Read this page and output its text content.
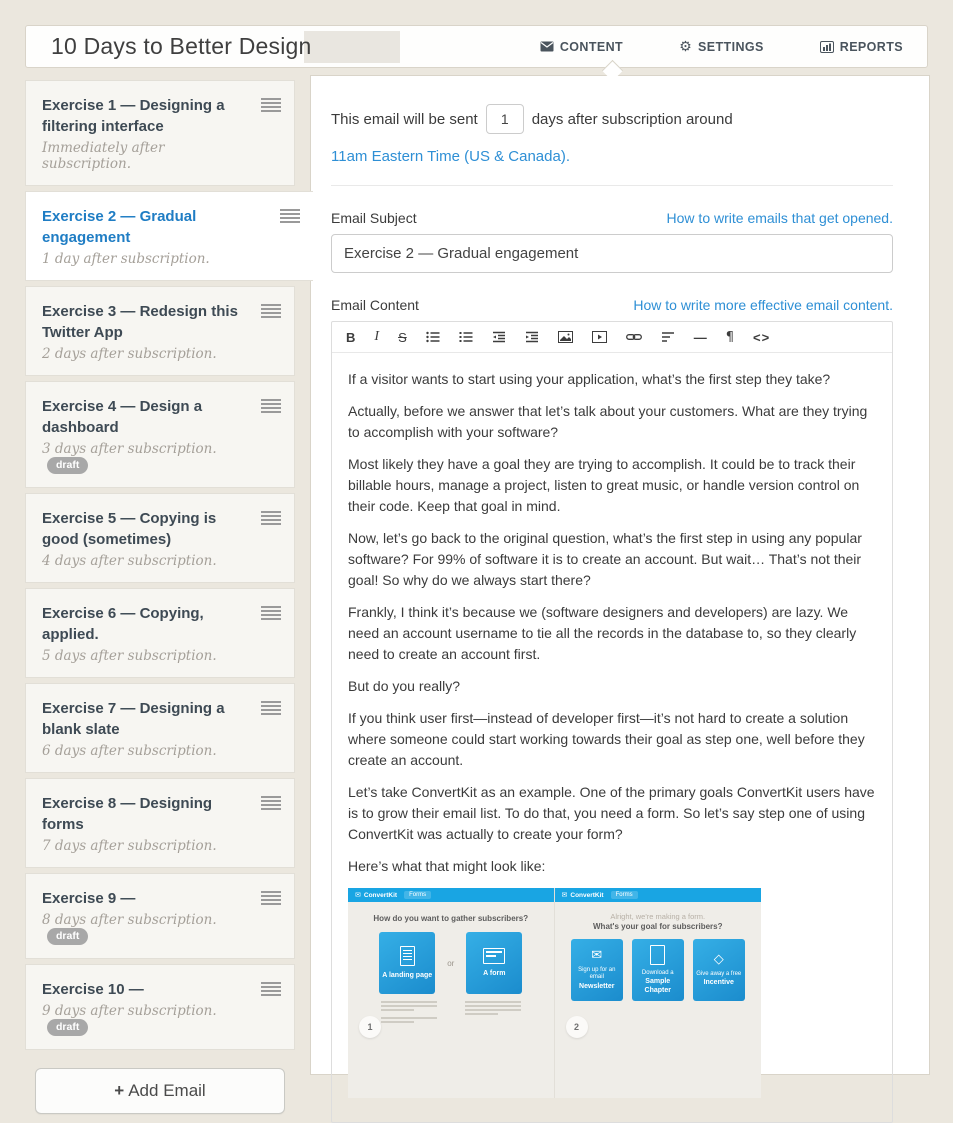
10 Days to Better Design	CONTENT	⚙ SETTINGS	REPORTS
Exercise 1 — Designing a filtering interface
Immediately after subscription.
Exercise 2 — Gradual engagement
1 day after subscription.
Exercise 3 — Redesign this Twitter App
2 days after subscription.
Exercise 4 — Design a dashboard
3 days after subscription.draft
Exercise 5 — Copying is good (sometimes)
4 days after subscription.
Exercise 6 — Copying, applied.
5 days after subscription.
Exercise 7 — Designing a blank slate
6 days after subscription.
Exercise 8 — Designing forms
7 days after subscription.
Exercise 9 —
8 days after subscription.draft
Exercise 10 —
9 days after subscription.draft
+ Add Email
This email will be sent
1	days after subscription around
11am Eastern Time (US & Canada).
Email Subject	How to write emails that get opened.
Exercise 2 — Gradual engagement
Email Content	How to write more effective email content.
B I S	— ¶ <>

If a visitor wants to start using your application, what’s the first step they take?

Actually, before we answer that let’s talk about your customers. What are they trying to accomplish with your software?

Most likely they have a goal they are trying to accomplish. It could be to track their billable hours, manage a project, listen to great music, or handle version control on their code. Keep that goal in mind.

Now, let’s go back to the original question, what’s the first step in using any popular software? For 99% of software it is to create an account. But wait… That’s not their goal! So why do we always start there?

Frankly, I think it’s because we (software designers and developers) are lazy. We need an account username to tie all the records in the database to, so they clearly need to create an account first.

But do you really?

If you think user first—instead of developer first—it’s not hard to create a solution where someone could start working towards their goal as step one, well before they create an account.

Let’s take ConvertKit as an example. One of the primary goals ConvertKit users have is to grow their email list. To do that, you need a form. So let’s say step one of using ConvertKit was actually to create your form?

Here’s what that might look like:

✉ ConvertKit	Forms
How do you want to gather subscribers?
A landing page
or
A form
1
✉ ConvertKit	Forms
Alright, we're making a form.
What's your goal for subscribers?
✉
Sign up for an email
Newsletter
Download a
Sample Chapter
◇
Give away a free
Incentive
2
